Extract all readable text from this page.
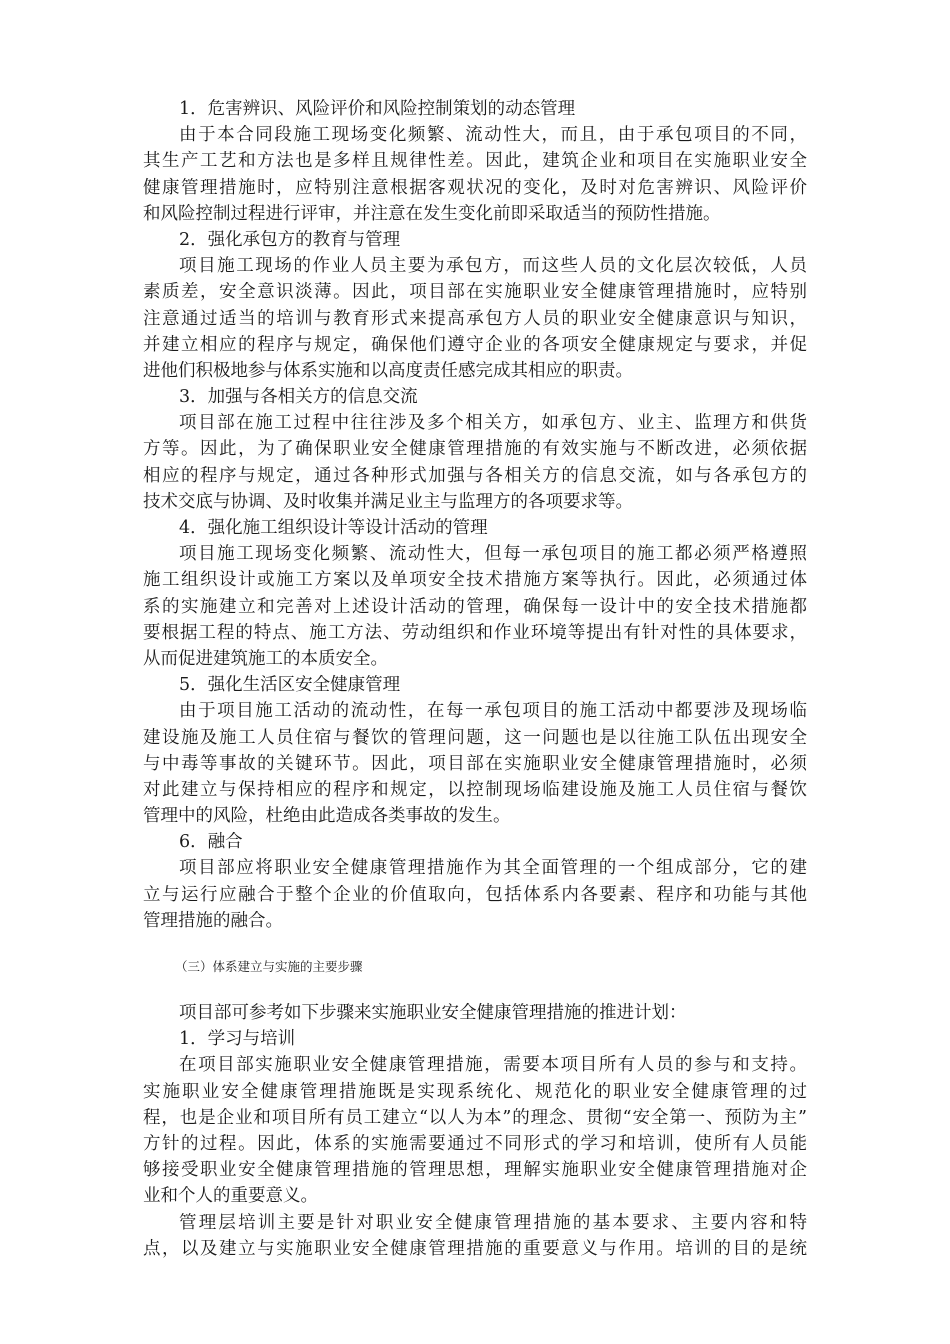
1．危害辨识、风险评价和风险控制策划的动态管理
由于本合同段施工现场变化频繁、流动性大，而且，由于承包项目的不同，
其生产工艺和方法也是多样且规律性差。因此，建筑企业和项目在实施职业安全
健康管理措施时，应特别注意根据客观状况的变化，及时对危害辨识、风险评价
和风险控制过程进行评审，并注意在发生变化前即采取适当的预防性措施。
2．强化承包方的教育与管理
项目施工现场的作业人员主要为承包方，而这些人员的文化层次较低，人员
素质差，安全意识淡薄。因此，项目部在实施职业安全健康管理措施时，应特别
注意通过适当的培训与教育形式来提高承包方人员的职业安全健康意识与知识，
并建立相应的程序与规定，确保他们遵守企业的各项安全健康规定与要求，并促
进他们积极地参与体系实施和以高度责任感完成其相应的职责。
3．加强与各相关方的信息交流
项目部在施工过程中往往涉及多个相关方，如承包方、业主、监理方和供货
方等。因此，为了确保职业安全健康管理措施的有效实施与不断改进，必须依据
相应的程序与规定，通过各种形式加强与各相关方的信息交流，如与各承包方的
技术交底与协调、及时收集并满足业主与监理方的各项要求等。
4．强化施工组织设计等设计活动的管理
项目施工现场变化频繁、流动性大，但每一承包项目的施工都必须严格遵照
施工组织设计或施工方案以及单项安全技术措施方案等执行。因此，必须通过体
系的实施建立和完善对上述设计活动的管理，确保每一设计中的安全技术措施都
要根据工程的特点、施工方法、劳动组织和作业环境等提出有针对性的具体要求，
从而促进建筑施工的本质安全。
5．强化生活区安全健康管理
由于项目施工活动的流动性，在每一承包项目的施工活动中都要涉及现场临
建设施及施工人员住宿与餐饮的管理问题，这一问题也是以往施工队伍出现安全
与中毒等事故的关键环节。因此，项目部在实施职业安全健康管理措施时，必须
对此建立与保持相应的程序和规定，以控制现场临建设施及施工人员住宿与餐饮
管理中的风险，杜绝由此造成各类事故的发生。
6．融合
项目部应将职业安全健康管理措施作为其全面管理的一个组成部分，它的建
立与运行应融合于整个企业的价值取向，包括体系内各要素、程序和功能与其他
管理措施的融合。
（三）体系建立与实施的主要步骤
项目部可参考如下步骤来实施职业安全健康管理措施的推进计划：
1．学习与培训
在项目部实施职业安全健康管理措施，需要本项目所有人员的参与和支持。
实施职业安全健康管理措施既是实现系统化、规范化的职业安全健康管理的过
程，也是企业和项目所有员工建立“以人为本”的理念、贯彻“安全第一、预防为主”
方针的过程。因此，体系的实施需要通过不同形式的学习和培训，使所有人员能
够接受职业安全健康管理措施的管理思想，理解实施职业安全健康管理措施对企
业和个人的重要意义。
管理层培训主要是针对职业安全健康管理措施的基本要求、主要内容和特
点，以及建立与实施职业安全健康管理措施的重要意义与作用。培训的目的是统
